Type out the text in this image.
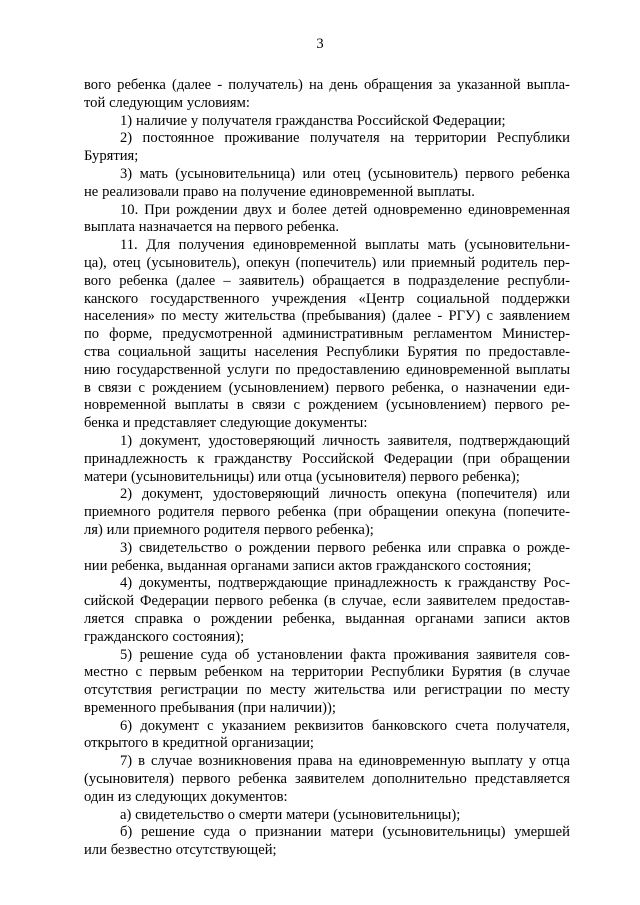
3
вого ребенка (далее - получатель) на день обращения за указанной выпла-
той следующим условиям:
1) наличие у получателя гражданства Российской Федерации;
2) постоянное проживание получателя на территории Республики
Бурятия;
3) мать (усыновительница) или отец (усыновитель) первого ребенка
не реализовали право на получение единовременной выплаты.
10. При рождении двух и более детей одновременно единовременная
выплата назначается на первого ребенка.
11. Для получения единовременной выплаты мать (усыновительни-
ца), отец (усыновитель), опекун (попечитель) или приемный родитель пер-
вого ребенка (далее – заявитель) обращается в подразделение республи-
канского государственного учреждения «Центр социальной поддержки
населения» по месту жительства (пребывания) (далее - РГУ) с заявлением
по форме, предусмотренной административным регламентом Министер-
ства социальной защиты населения Республики Бурятия по предоставле-
нию государственной услуги по предоставлению единовременной выплаты
в связи с рождением (усыновлением) первого ребенка, о назначении еди-
новременной выплаты в связи с рождением (усыновлением) первого ре-
бенка и представляет следующие документы:
1) документ, удостоверяющий личность заявителя, подтверждающий
принадлежность к гражданству Российской Федерации (при обращении
матери (усыновительницы) или отца (усыновителя) первого ребенка);
2) документ, удостоверяющий личность опекуна (попечителя) или
приемного родителя первого ребенка (при обращении опекуна (попечите-
ля) или приемного родителя первого ребенка);
3) свидетельство о рождении первого ребенка или справка о рожде-
нии ребенка, выданная органами записи актов гражданского состояния;
4) документы, подтверждающие принадлежность к гражданству Рос-
сийской Федерации первого ребенка (в случае, если заявителем предостав-
ляется справка о рождении ребенка, выданная органами записи актов
гражданского состояния);
5) решение суда об установлении факта проживания заявителя сов-
местно с первым ребенком на территории Республики Бурятия (в случае
отсутствия регистрации по месту жительства или регистрации по месту
временного пребывания (при наличии));
6) документ с указанием реквизитов банковского счета получателя,
открытого в кредитной организации;
7) в случае возникновения права на единовременную выплату у отца
(усыновителя) первого ребенка заявителем дополнительно представляется
один из следующих документов:
а) свидетельство о смерти матери (усыновительницы);
б) решение суда о признании матери (усыновительницы) умершей
или безвестно отсутствующей;
